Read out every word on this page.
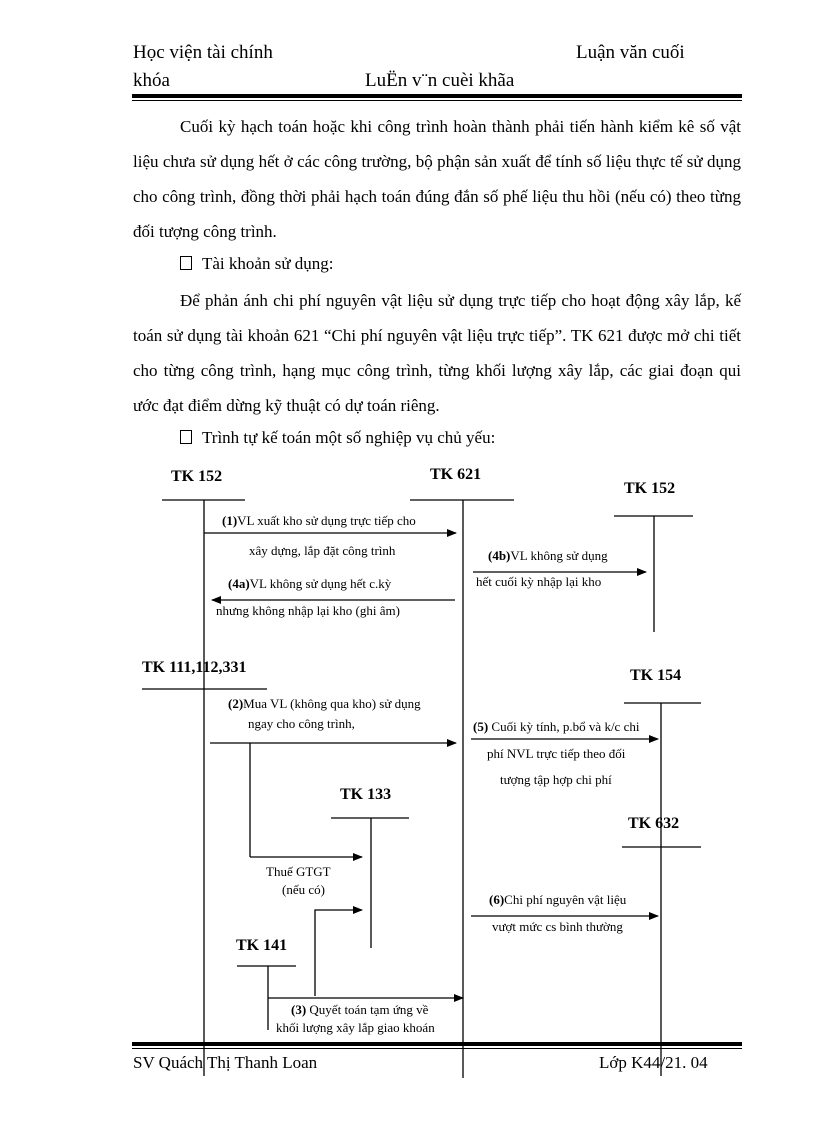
Học viện tài chính	Luận văn cuối
khóa	LuËn v¨n cuèi khãa

Cuối kỳ hạch toán hoặc khi công trình hoàn thành phải tiến hành kiểm kê số vật liệu chưa sử dụng hết ở các công trường, bộ phận sản xuất để tính số liệu thực tế sử dụng cho công trình, đồng thời phải hạch toán đúng đắn số phế liệu thu hồi (nếu có) theo từng đối tượng công trình.

Tài khoản sử dụng:

Để phản ánh chi phí nguyên vật liệu sử dụng trực tiếp cho hoạt động xây lắp, kế toán sử dụng tài khoản 621 “Chi phí nguyên vật liệu trực tiếp”. TK 621 được mở chi tiết cho từng công trình, hạng mục công trình, từng khối lượng xây lắp, các giai đoạn qui ước đạt điểm dừng kỹ thuật có dự toán riêng.

Trình tự kế toán một số nghiệp vụ chủ yếu:
TK 152	TK 621
TK 152
TK 111,112,331	TK 154
TK 133
TK 632
TK 141
(1)VL xuất kho sử dụng trực tiếp cho
xây dựng, lắp đặt công trình
(4a)VL không sử dụng hết c.kỳ
nhưng không nhập lại kho (ghi âm)
(4b)VL không sử dụng
hết cuối kỳ nhập lại kho
(2)Mua VL (không qua kho) sử dụng
ngay cho công trình,	(5) Cuối kỳ tính, p.bổ và k/c chi
phí NVL trực tiếp theo đối
tượng tập hợp chi phí
Thuế GTGT
(nếu có)
(6)Chi phí nguyên vật liệu
vượt mức cs bình thường
(3) Quyết toán tạm ứng về
khối lượng xây lắp giao khoán
SV Quách Thị Thanh Loan	Lớp K44/21. 04
